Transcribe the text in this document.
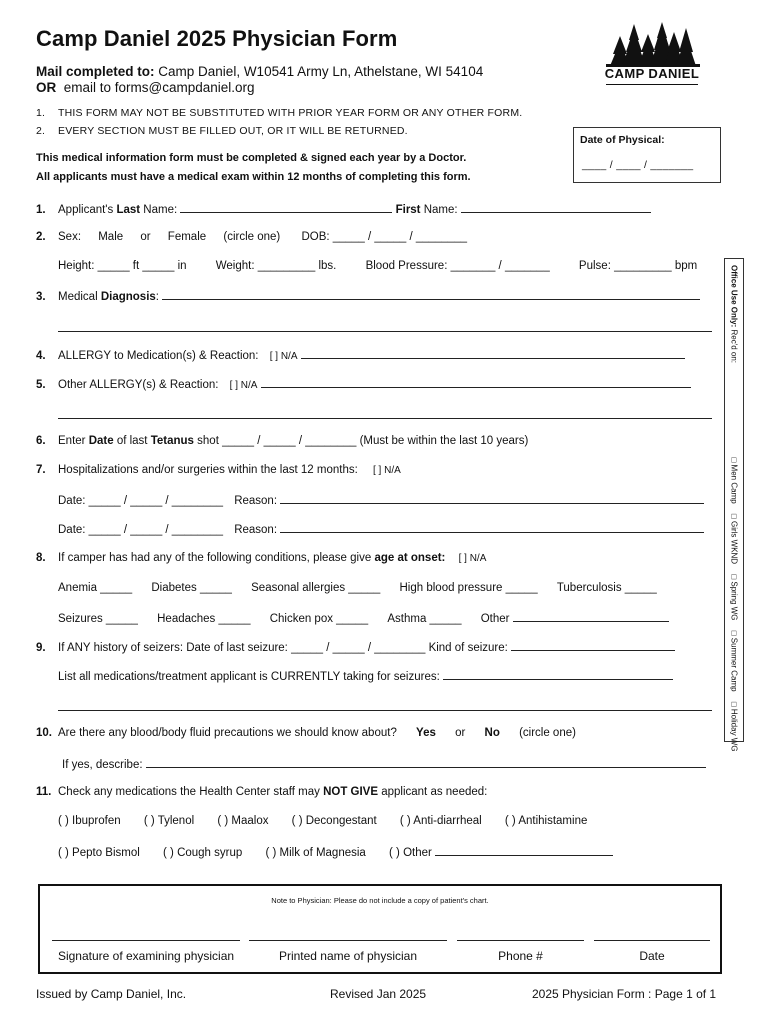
Camp Daniel 2025 Physician Form
Mail completed to: Camp Daniel, W10541 Army Ln, Athelstane, WI 54104
OR email to forms@campdaniel.org
CAMP DANIEL
1. THIS FORM MAY NOT BE SUBSTITUTED WITH PRIOR YEAR FORM OR ANY OTHER FORM.
2. EVERY SECTION MUST BE FILLED OUT, OR IT WILL BE RETURNED.
This medical information form must be completed & signed each year by a Doctor.
All applicants must have a medical exam within 12 months of completing this form.
Date of Physical:
____ / ____ / _______
1. Applicant's Last Name:	First Name:
2. Sex: Male or Female (circle one) DOB: _____ / _____ / ________
Height: _____ ft _____ in	Weight: _________ lbs.	Blood Pressure: _______ / _______	Pulse: _________ bpm
3. Medical Diagnosis:
4. ALLERGY to Medication(s) & Reaction: [ ] N/A
5. Other ALLERGY(s) & Reaction: [ ] N/A
6. Enter Date of last Tetanus shot _____ / _____ / ________ (Must be within the last 10 years)
7. Hospitalizations and/or surgeries within the last 12 months: [ ] N/A
Date: _____ / _____ / ________ Reason:
Date: _____ / _____ / ________ Reason:
8. If camper has had any of the following conditions, please give age at onset: [ ] N/A
Anemia _____ Diabetes _____ Seasonal allergies _____ High blood pressure _____ Tuberculosis _____
Seizures _____ Headaches _____ Chicken pox _____ Asthma _____ Other
9. If ANY history of seizers: Date of last seizure: _____ / _____ / ________ Kind of seizure:
List all medications/treatment applicant is CURRENTLY taking for seizures:
10. Are there any blood/body fluid precautions we should know about? Yes or No (circle one)
If yes, describe:
11. Check any medications the Health Center staff may NOT GIVE applicant as needed:
( ) Ibuprofen ( ) Tylenol ( ) Maalox ( ) Decongestant ( ) Anti-diarrheal ( ) Antihistamine
( ) Pepto Bismol ( ) Cough syrup ( ) Milk of Magnesia ( ) Other
Office Use Only: Rec'd on:  □ Men Camp □ Girls WKND □ Spring WG □ Summer Camp □ Holiday WG
Note to Physician: Please do not include a copy of patient's chart.
Signature of examining physician	Printed name of physician	Phone #	Date
Issued by Camp Daniel, Inc.	Revised Jan 2025	2025 Physician Form : Page 1 of 1
